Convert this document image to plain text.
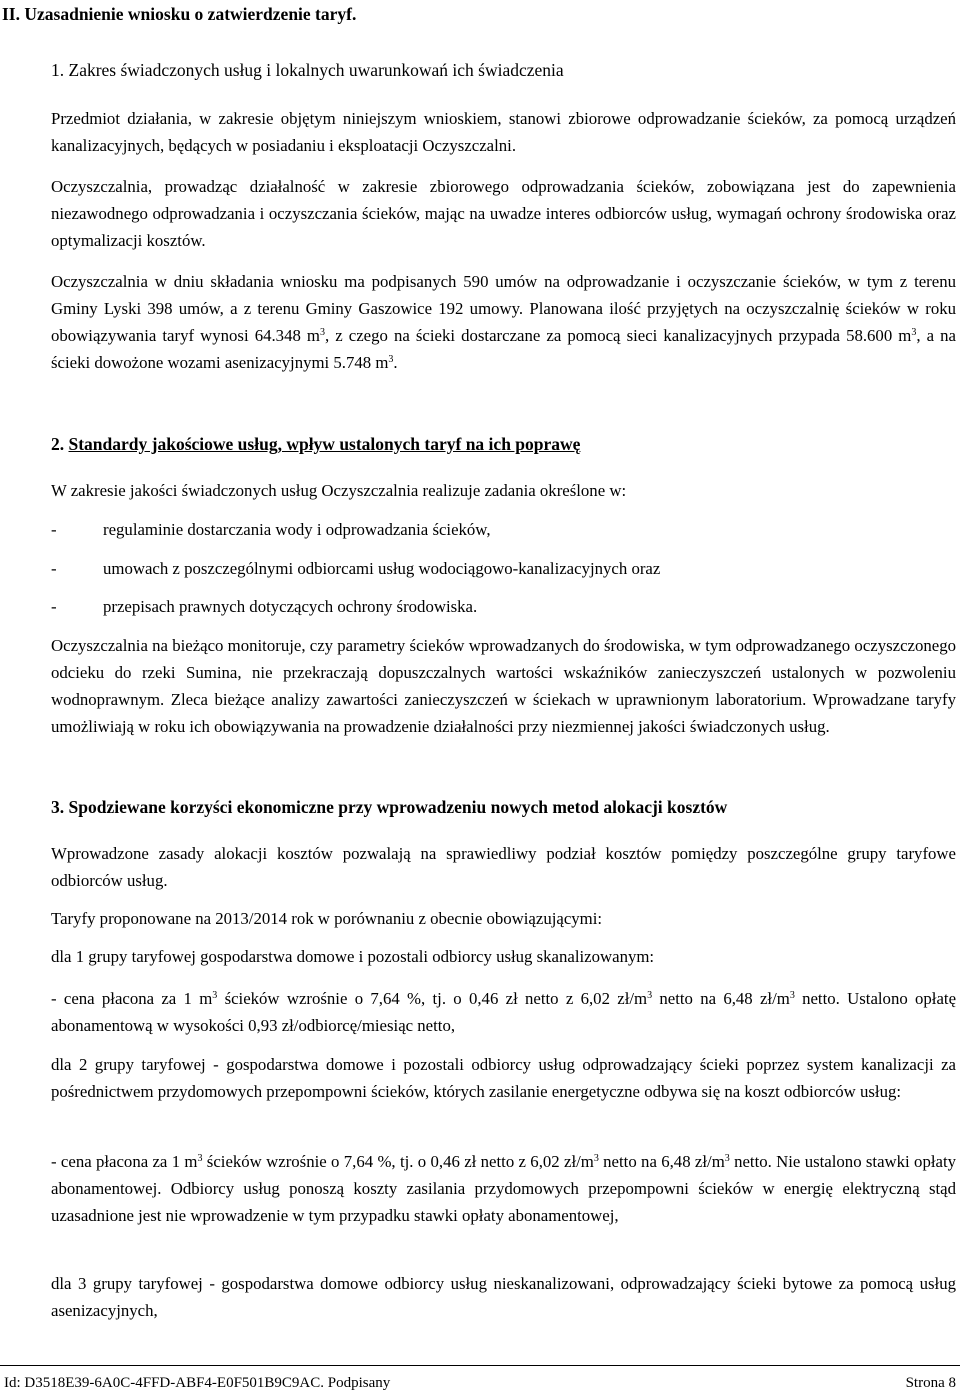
II. Uzasadnienie wniosku o zatwierdzenie taryf.
1. Zakres świadczonych usług i lokalnych uwarunkowań ich świadczenia

Przedmiot działania, w zakresie objętym niniejszym wnioskiem, stanowi zbiorowe odprowadzanie ścieków, za pomocą urządzeń kanalizacyjnych, będących w posiadaniu i eksploatacji Oczyszczalni.

Oczyszczalnia, prowadząc działalność w zakresie zbiorowego odprowadzania ścieków, zobowiązana jest do zapewnienia niezawodnego odprowadzania i oczyszczania ścieków, mając na uwadze interes odbiorców usług, wymagań ochrony środowiska oraz optymalizacji kosztów.

Oczyszczalnia w dniu składania wniosku ma podpisanych 590 umów na odprowadzanie i oczyszczanie ścieków, w tym z terenu Gminy Lyski 398 umów, a z terenu Gminy Gaszowice 192 umowy. Planowana ilość przyjętych na oczyszczalnię ścieków w roku obowiązywania taryf wynosi 64.348 $m^3$, z czego na ścieki dostarczane za pomocą sieci kanalizacyjnych przypada 58.600 $m^3$, a na ścieki dowożone wozami asenizacyjnymi 5.748 $m^3$.

2. Standardy jakościowe usług, wpływ ustalonych taryf na ich poprawę
W zakresie jakości świadczonych usług Oczyszczalnia realizuje zadania określone w:
-	regulaminie dostarczania wody i odprowadzania ścieków,
-	umowach z poszczególnymi odbiorcami usług wodociągowo-kanalizacyjnych oraz
-	przepisach prawnych dotyczących ochrony środowiska.

Oczyszczalnia na bieżąco monitoruje, czy parametry ścieków wprowadzanych do środowiska, w tym odprowadzanego oczyszczonego odcieku do rzeki Sumina, nie przekraczają dopuszczalnych wartości wskaźników zanieczyszczeń ustalonych w pozwoleniu wodnoprawnym. Zleca bieżące analizy zawartości zanieczyszczeń w ściekach w uprawnionym laboratorium. Wprowadzane taryfy umożliwiają w roku ich obowiązywania na prowadzenie działalności przy niezmiennej jakości świadczonych usług.

3. Spodziewane korzyści ekonomiczne przy wprowadzeniu nowych metod alokacji kosztów

Wprowadzone zasady alokacji kosztów pozwalają na sprawiedliwy podział kosztów pomiędzy poszczególne grupy taryfowe odbiorców usług.

Taryfy proponowane na 2013/2014 rok w porównaniu z obecnie obowiązującymi:
dla 1 grupy taryfowej gospodarstwa domowe i pozostali odbiorcy usług skanalizowanym:

- cena płacona za 1 $m^3$ ścieków wzrośnie o 7,64 %, tj. o 0,46 zł netto z 6,02 $zł/m^3$ netto na 6,48 $zł/m^3$ netto. Ustalono opłatę abonamentową w wysokości 0,93 zł/odbiorcę/miesiąc netto,

dla 2 grupy taryfowej - gospodarstwa domowe i pozostali odbiorcy usług odprowadzający ścieki poprzez system kanalizacji za pośrednictwem przydomowych przepompowni ścieków, których zasilanie energetyczne odbywa się na koszt odbiorców usług:

- cena płacona za 1 $m^3$ ścieków wzrośnie o 7,64 %, tj. o 0,46 zł netto z 6,02 $zł/m^3$ netto na 6,48 $zł/m^3$ netto. Nie ustalono stawki opłaty abonamentowej. Odbiorcy usług ponoszą koszty zasilania przydomowych przepompowni ścieków w energię elektryczną stąd uzasadnione jest nie wprowadzenie w tym przypadku stawki opłaty abonamentowej,

dla 3 grupy taryfowej - gospodarstwa domowe odbiorcy usług nieskanalizowani, odprowadzający ścieki bytowe za pomocą usług asenizacyjnych,

Id: D3518E39-6A0C-4FFD-ABF4-E0F501B9C9AC. Podpisany	Strona 8
